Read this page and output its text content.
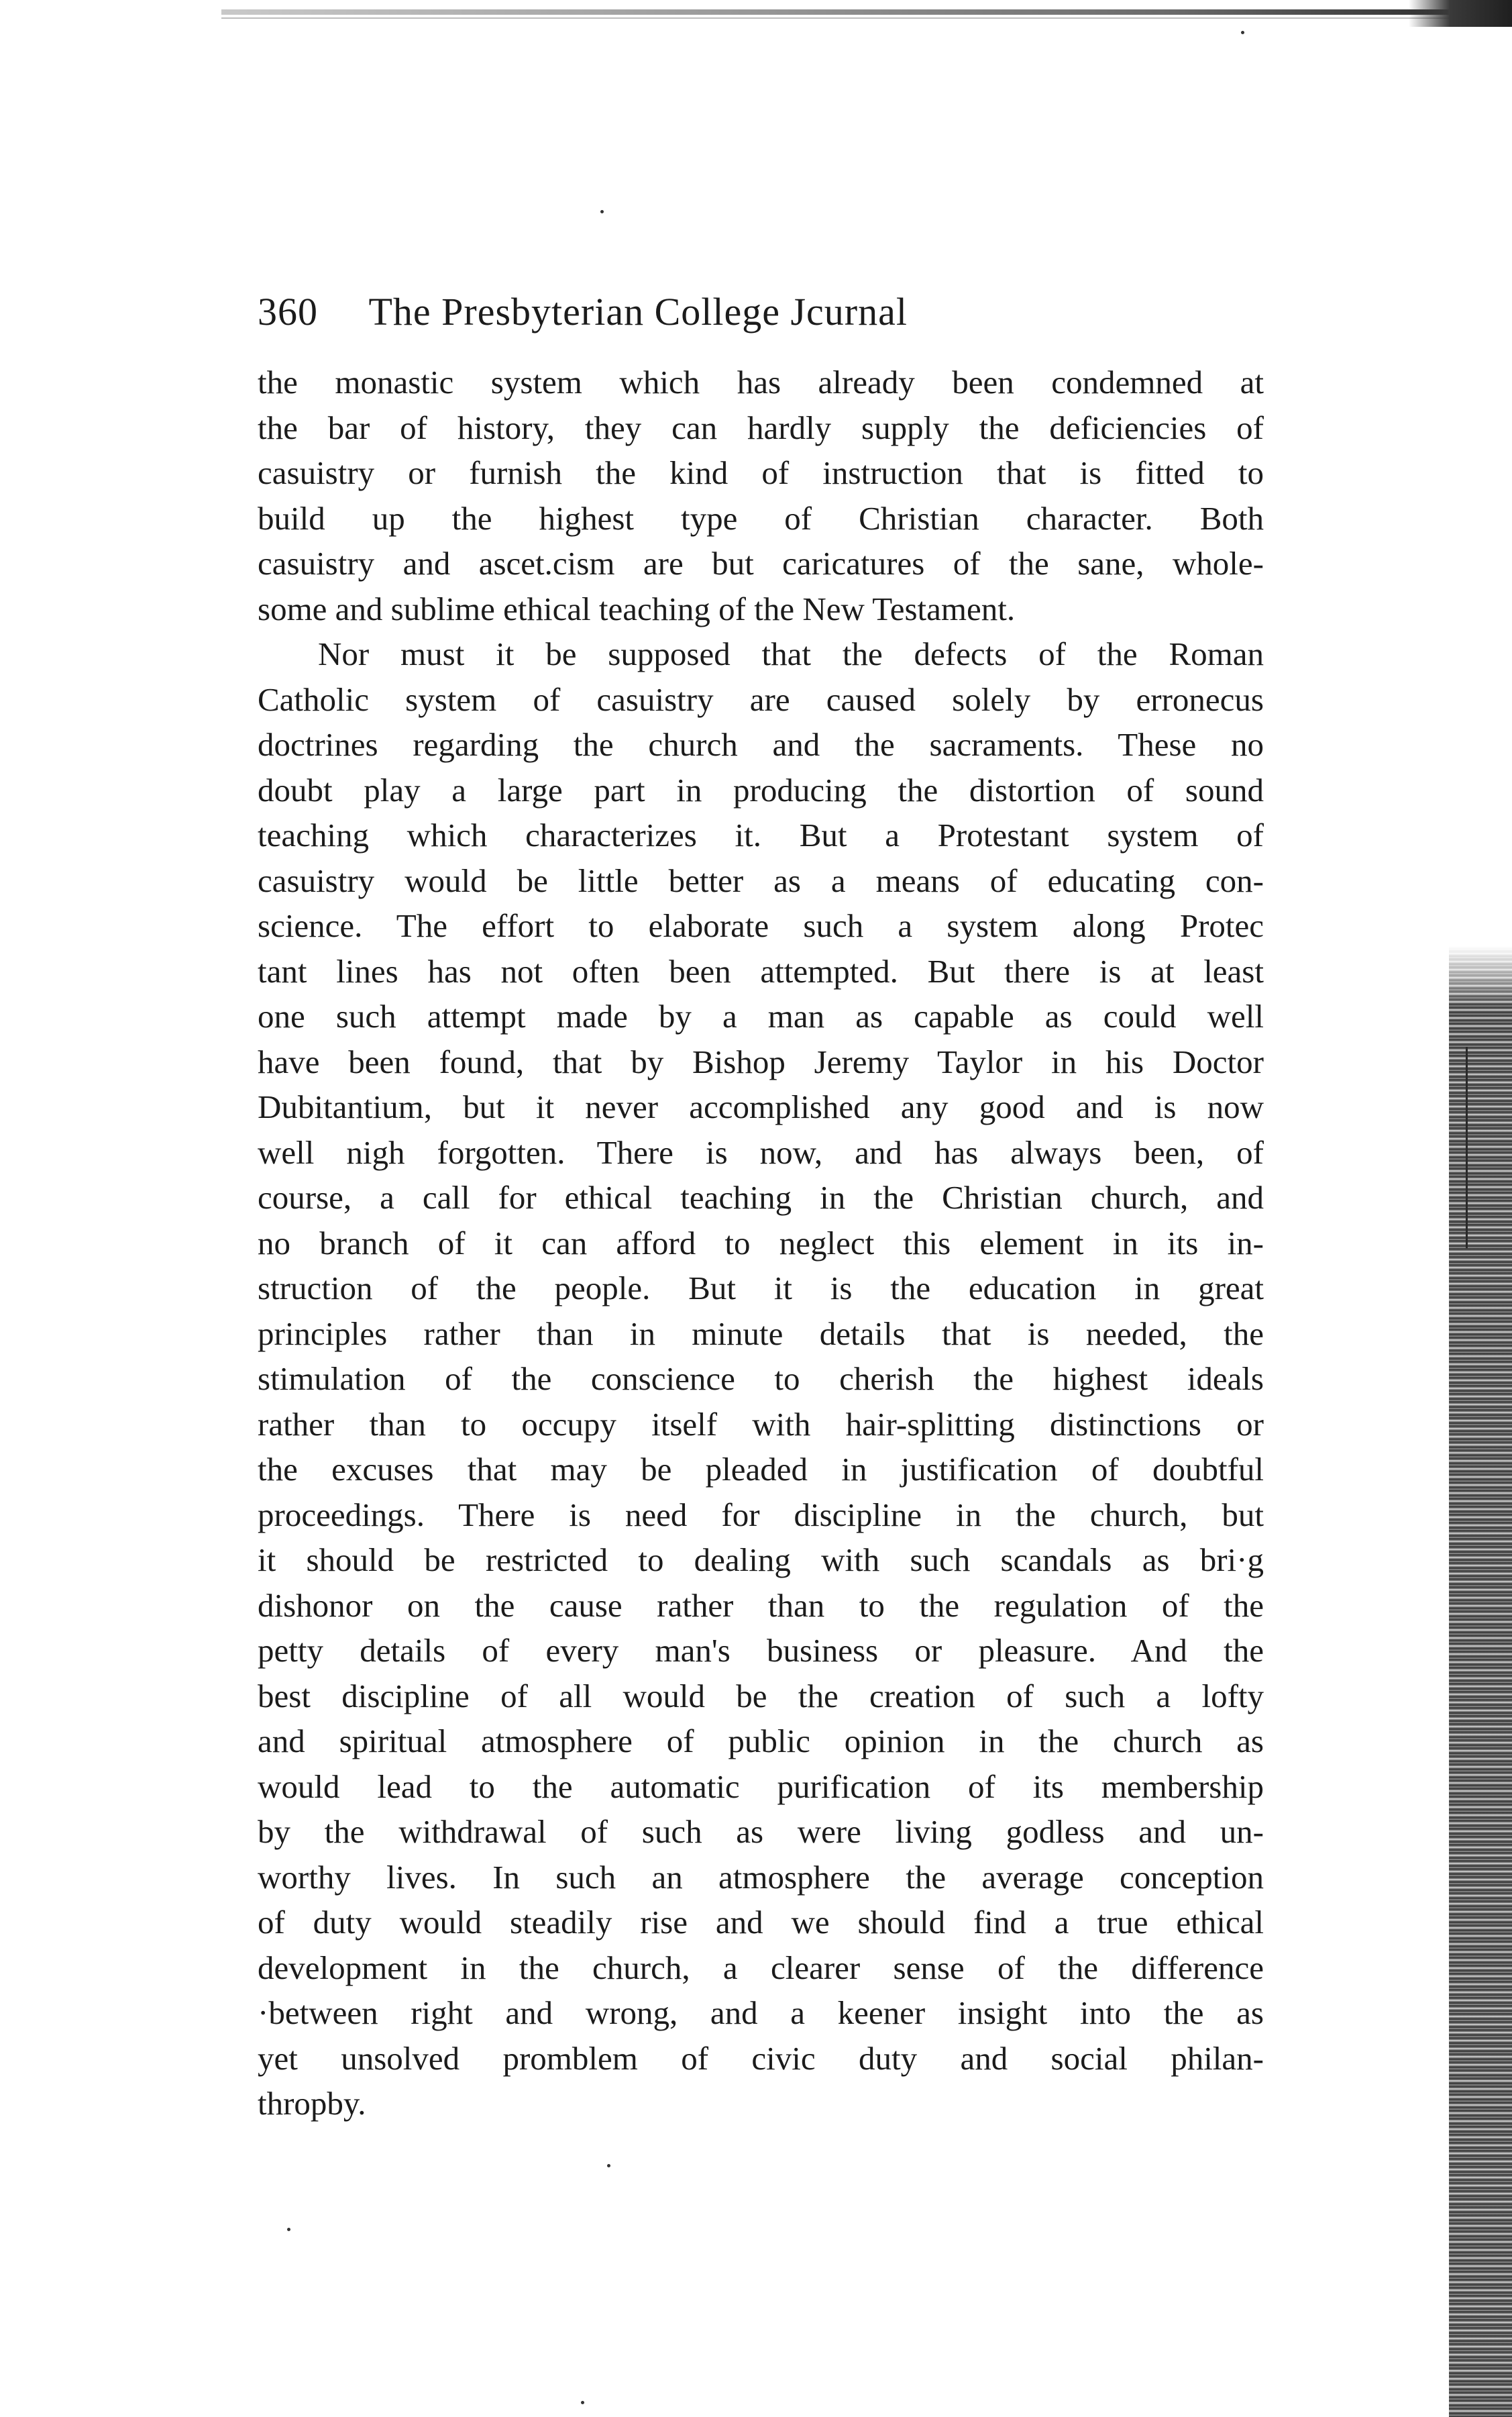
360 The Presbyterian College Jcurnal
the monastic system which has already been condemned at
the bar of history, they can hardly supply the deficiencies of
casuistry or furnish the kind of instruction that is fitted to
build up the highest type of Christian character. Both
casuistry and ascet.cism are but caricatures of the sane, whole-
some and sublime ethical teaching of the New Testament.
Nor must it be supposed that the defects of the Roman
Catholic system of casuistry are caused solely by erronecus
doctrines regarding the church and the sacraments. These no
doubt play a large part in producing the distortion of sound
teaching which characterizes it. But a Protestant system of
casuistry would be little better as a means of educating con-
science. The effort to elaborate such a system along Protec
tant lines has not often been attempted. But there is at least
one such attempt made by a man as capable as could well
have been found, that by Bishop Jeremy Taylor in his Doctor
Dubitantium, but it never accomplished any good and is now
well nigh forgotten. There is now, and has always been, of
course, a call for ethical teaching in the Christian church, and
no branch of it can afford to neglect this element in its in-
struction of the people. But it is the education in great
principles rather than in minute details that is needed, the
stimulation of the conscience to cherish the highest ideals
rather than to occupy itself with hair-splitting distinctions or
the excuses that may be pleaded in justification of doubtful
proceedings. There is need for discipline in the church, but
it should be restricted to dealing with such scandals as bri·g
dishonor on the cause rather than to the regulation of the
petty details of every man's business or pleasure. And the
best discipline of all would be the creation of such a lofty
and spiritual atmosphere of public opinion in the church as
would lead to the automatic purification of its membership
by the withdrawal of such as were living godless and un-
worthy lives. In such an atmosphere the average conception
of duty would steadily rise and we should find a true ethical
development in the church, a clearer sense of the difference
·between right and wrong, and a keener insight into the as
yet unsolved promblem of civic duty and social philan-
thropby.
